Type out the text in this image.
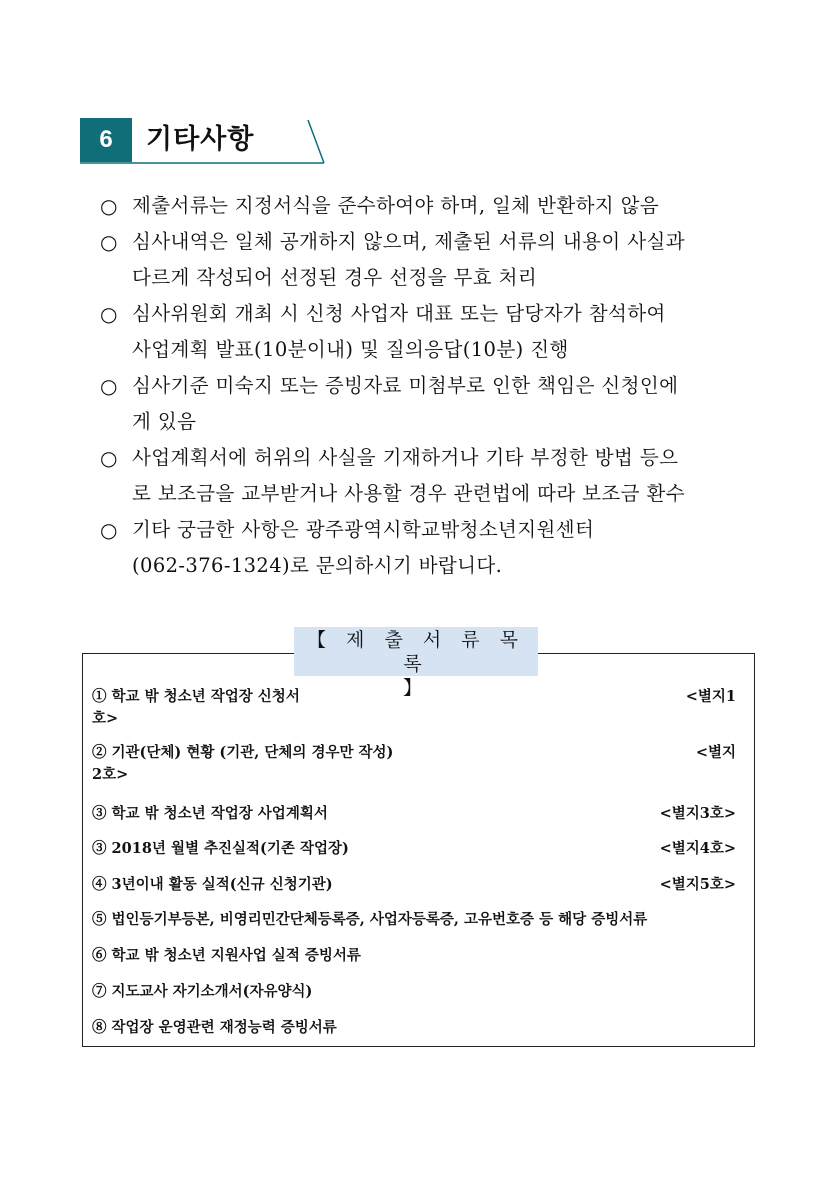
6	기타사항
○ 제출서류는 지정서식을 준수하여야 하며, 일체 반환하지 않음

○ 심사내역은 일체 공개하지 않으며, 제출된 서류의 내용이 사실과

다르게 작성되어 선정된 경우 선정을 무효 처리

○ 심사위원회 개최 시 신청 사업자 대표 또는 담당자가 참석하여

사업계획 발표(10분이내) 및 질의응답(10분) 진행

○ 심사기준 미숙지 또는 증빙자료 미첨부로 인한 책임은 신청인에

게 있음

○ 사업계획서에 허위의 사실을 기재하거나 기타 부정한 방법 등으

로 보조금을 교부받거나 사용할 경우 관련법에 따라 보조금 환수

○ 기타 궁금한 사항은 광주광역시학교밖청소년지원센터

(062-376-1324)로 문의하시기 바랍니다.

【 제 출 서 류 목 록
】
① 학교 밖 청소년 작업장 신청서	<별지1
호>
② 기관(단체) 현황 (기관, 단체의 경우만 작성)	<별지
2호>
③ 학교 밖 청소년 작업장 사업계획서	<별지3호>
③ 2018년 월별 추진실적(기존 작업장)	<별지4호>
④ 3년이내 활동 실적(신규 신청기관)	<별지5호>
⑤ 법인등기부등본, 비영리민간단체등록증, 사업자등록증, 고유번호증 등 해당 증빙서류
⑥ 학교 밖 청소년 지원사업 실적 증빙서류
⑦ 지도교사 자기소개서(자유양식)
⑧ 작업장 운영관련 재정능력 증빙서류
